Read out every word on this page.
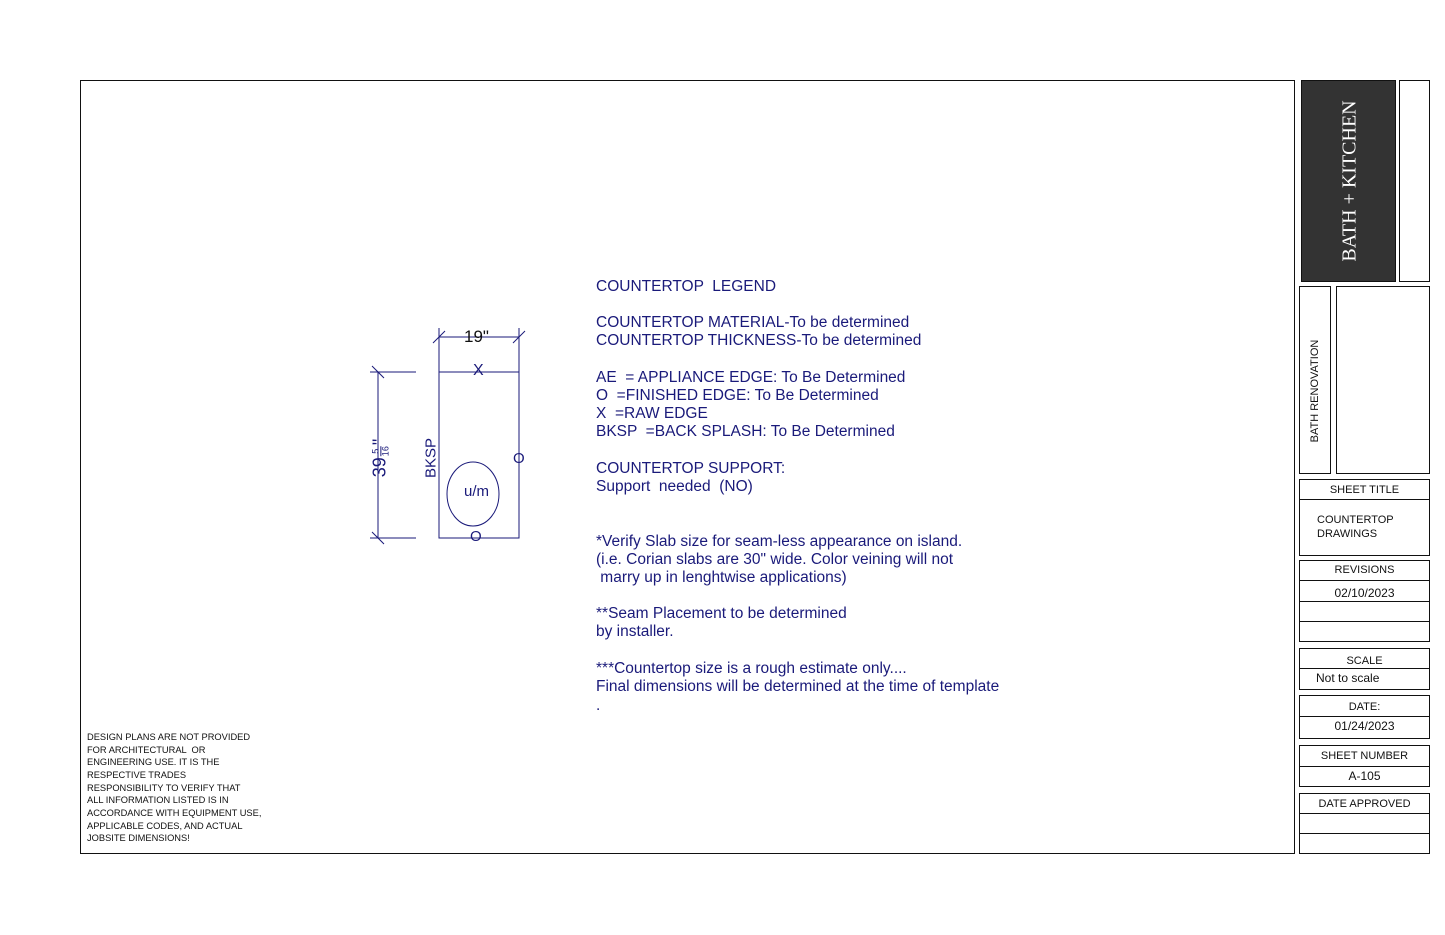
19"
X
O
O
u/m
BKSP
39
5 16
"
COUNTERTOP  LEGEND
COUNTERTOP MATERIAL-To be determined
COUNTERTOP THICKNESS-To be determined
AE  = APPLIANCE EDGE: To Be Determined
O  =FINISHED EDGE: To Be Determined
X  =RAW EDGE
BKSP  =BACK SPLASH: To Be Determined
COUNTERTOP SUPPORT:
Support  needed  (NO)
*Verify Slab size for seam-less appearance on island.
(i.e. Corian slabs are 30" wide. Color veining will not
marry up in lenghtwise applications)
**Seam Placement to be determined
by installer.
***Countertop size is a rough estimate only....
Final dimensions will be determined at the time of template
.
DESIGN PLANS ARE NOT PROVIDED
FOR ARCHITECTURAL  OR
ENGINEERING USE. IT IS THE
RESPECTIVE TRADES
RESPONSIBILITY TO VERIFY THAT
ALL INFORMATION LISTED IS IN
ACCORDANCE WITH EQUIPMENT USE,
APPLICABLE CODES, AND ACTUAL
JOBSITE DIMENSIONS!
BATH + KITCHEN
BATH RENOVATION
SHEET TITLE
COUNTERTOP
DRAWINGS
REVISIONS
02/10/2023
SCALE
Not to scale
DATE:
01/24/2023
SHEET NUMBER
A-105
DATE APPROVED
